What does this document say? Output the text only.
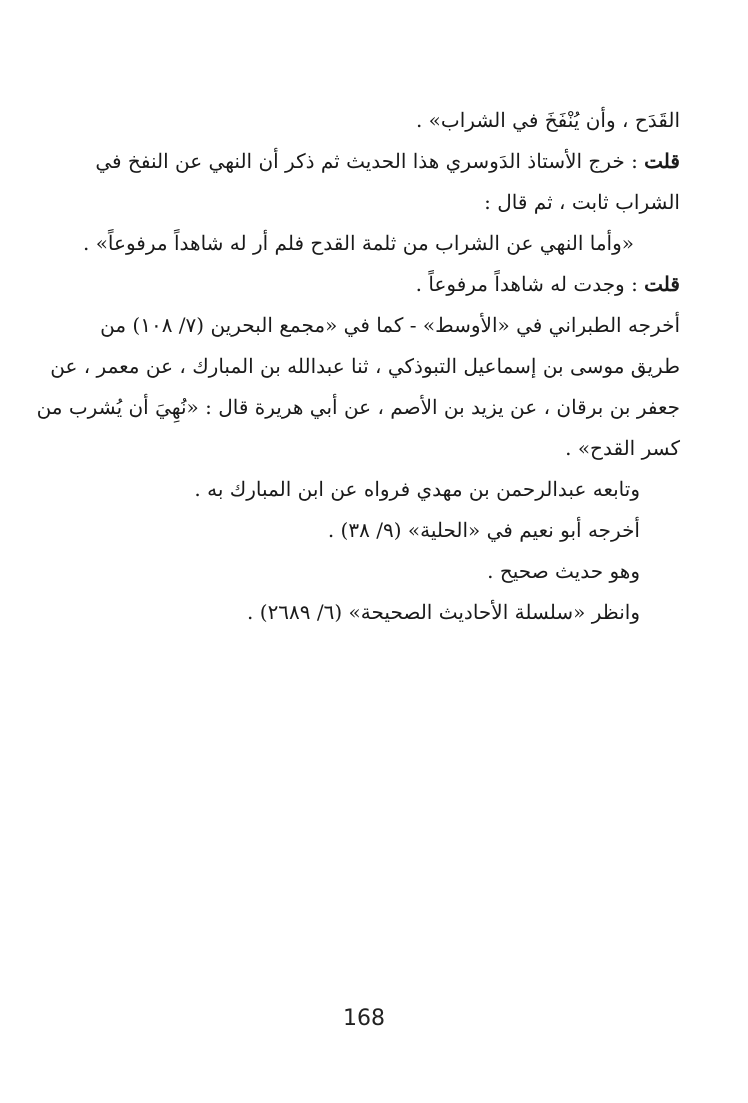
القَدَح ، وأن يُنْفَخَ في الشراب» .
قلت : خرج الأستاذ الدَوسري هذا الحديث ثم ذكر أن النهي عن النفخ في
الشراب ثابت ، ثم قال :
«وأما النهي عن الشراب من ثلمة القدح فلم أر له شاهداً مرفوعاً» .
قلت : وجدت له شاهداً مرفوعاً .
أخرجه الطبراني في «الأوسط» - كما في «مجمع البحرين (٧/ ١٠٨) من
طريق موسى بن إسماعيل التبوذكي ، ثنا عبدالله بن المبارك ، عن معمر ، عن
جعفر بن برقان ، عن يزيد بن الأصم ، عن أبي هريرة قال : «نُهِيَ أن يُشرب من
كسر القدح» .
وتابعه عبدالرحمن بن مهدي فرواه عن ابن المبارك به .
أخرجه أبو نعيم في «الحلية» (٩/ ٣٨) .
وهو حديث صحيح .
وانظر «سلسلة الأحاديث الصحيحة» (٦/ ٢٦٨٩) .
168
